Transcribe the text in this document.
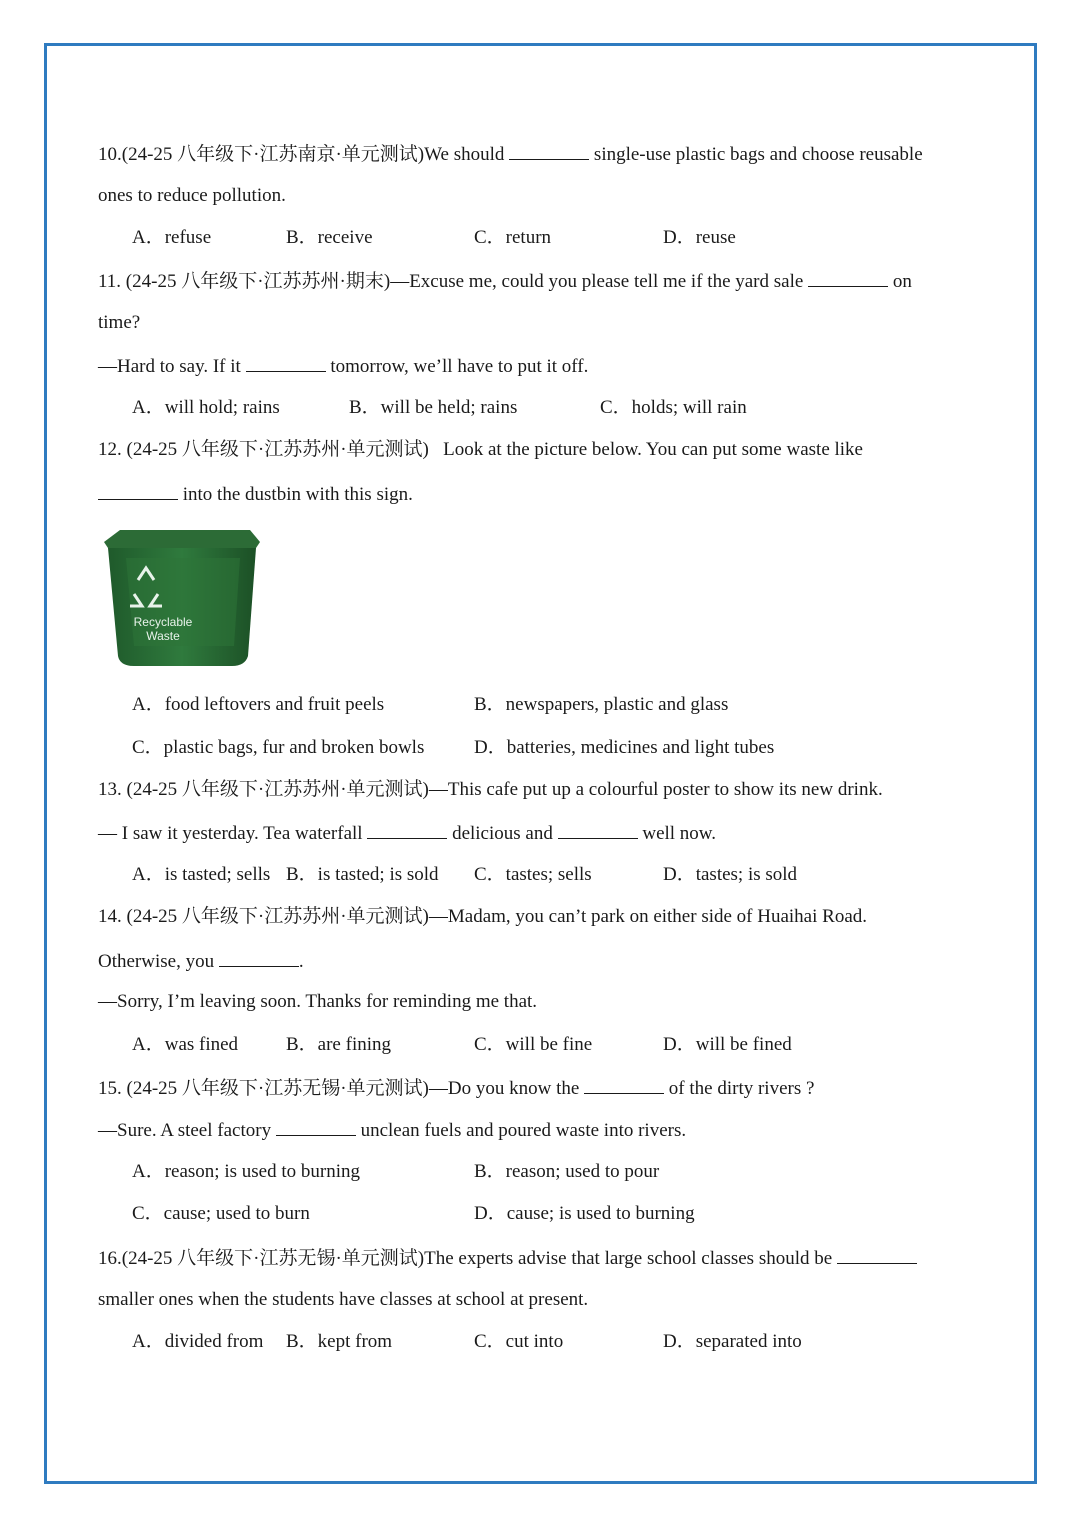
10.(24-25 八年级下·江苏南京·单元测试)We should	single-use plastic bags and choose reusable
ones to reduce pollution.
A．refuse	B．receive	C．return	D．reuse
11. (24-25 八年级下·江苏苏州·期末)—Excuse me, could you please tell me if the yard sale	on
time?
—Hard to say. If it	tomorrow, we’ll have to put it off.
A．will hold; rains	B．will be held; rains	C．holds; will rain
12. (24-25 八年级下·江苏苏州·单元测试) Look at the picture below. You can put some waste like
into the dustbin with this sign.
Recyclable
Waste
A．food leftovers and fruit peels	B．newspapers, plastic and glass
C．plastic bags, fur and broken bowls	D．batteries, medicines and light tubes
13. (24-25 八年级下·江苏苏州·单元测试)—This cafe put up a colourful poster to show its new drink.
— I saw it yesterday. Tea waterfall	delicious and	well now.
A．is tasted; sells B．is tasted; is sold C．tastes; sells	D．tastes; is sold
14. (24-25 八年级下·江苏苏州·单元测试)—Madam, you can’t park on either side of Huaihai Road.
Otherwise, you	.
—Sorry, I’m leaving soon. Thanks for reminding me that.
A．was fined	B．are fining	C．will be fine	D．will be fined
15. (24-25 八年级下·江苏无锡·单元测试)—Do you know the	of the dirty rivers ?
—Sure. A steel factory	unclean fuels and poured waste into rivers.
A．reason; is used to burning	B．reason; used to pour
C．cause; used to burn	D．cause; is used to burning
16.(24-25 八年级下·江苏无锡·单元测试)The experts advise that large school classes should be
smaller ones when the students have classes at school at present.
A．divided from B．kept from	C．cut into	D．separated into
